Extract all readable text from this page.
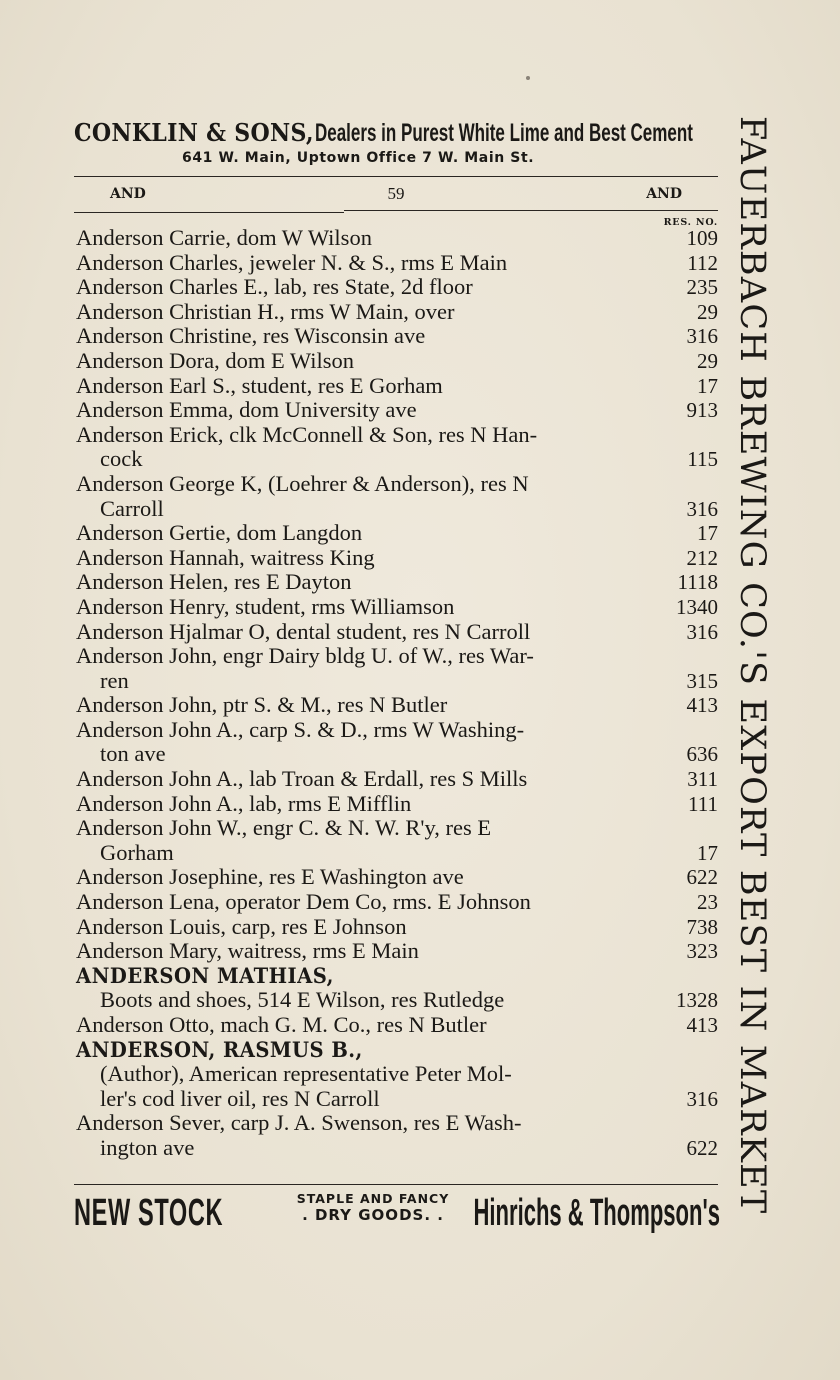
CONKLIN & SONS, Dealers in Purest White Lime and Best Cement
641 W. Main, Uptown Office 7 W. Main St.
AND	59	AND
RES. NO.
Anderson Carrie, dom W Wilson	109
Anderson Charles, jeweler N. & S., rms E Main	112
Anderson Charles E., lab, res State, 2d floor	235
Anderson Christian H., rms W Main, over	29
Anderson Christine, res Wisconsin ave	316
Anderson Dora, dom E Wilson	29
Anderson Earl S., student, res E Gorham	17
Anderson Emma, dom University ave	913
Anderson Erick, clk McConnell & Son, res N Han-
cock	115
Anderson George K, (Loehrer & Anderson), res N
Carroll	316
Anderson Gertie, dom Langdon	17
Anderson Hannah, waitress King	212
Anderson Helen, res E Dayton	1118
Anderson Henry, student, rms Williamson	1340
Anderson Hjalmar O, dental student, res N Carroll	316
Anderson John, engr Dairy bldg U. of W., res War-
ren	315
Anderson John, ptr S. & M., res N Butler	413
Anderson John A., carp S. & D., rms W Washing-
ton ave	636
Anderson John A., lab Troan & Erdall, res S Mills	311
Anderson John A., lab, rms E Mifflin	111
Anderson John W., engr C. & N. W. R'y, res E
Gorham	17
Anderson Josephine, res E Washington ave	622
Anderson Lena, operator Dem Co, rms. E Johnson	23
Anderson Louis, carp, res E Johnson	738
Anderson Mary, waitress, rms E Main	323
ANDERSON MATHIAS,
Boots and shoes, 514 E Wilson, res Rutledge	1328
Anderson Otto, mach G. M. Co., res N Butler	413
ANDERSON, RASMUS B.,
(Author), American representative Peter Mol-
ler's cod liver oil, res N Carroll	316
Anderson Sever, carp J. A. Swenson, res E Wash-
ington ave	622
NEW STOCK	STAPLE AND FANCY
. DRY GOODS. . Hinrichs & Thompson's FAUERBACH BREWING CO.'S EXPORT BEST IN MARKET
